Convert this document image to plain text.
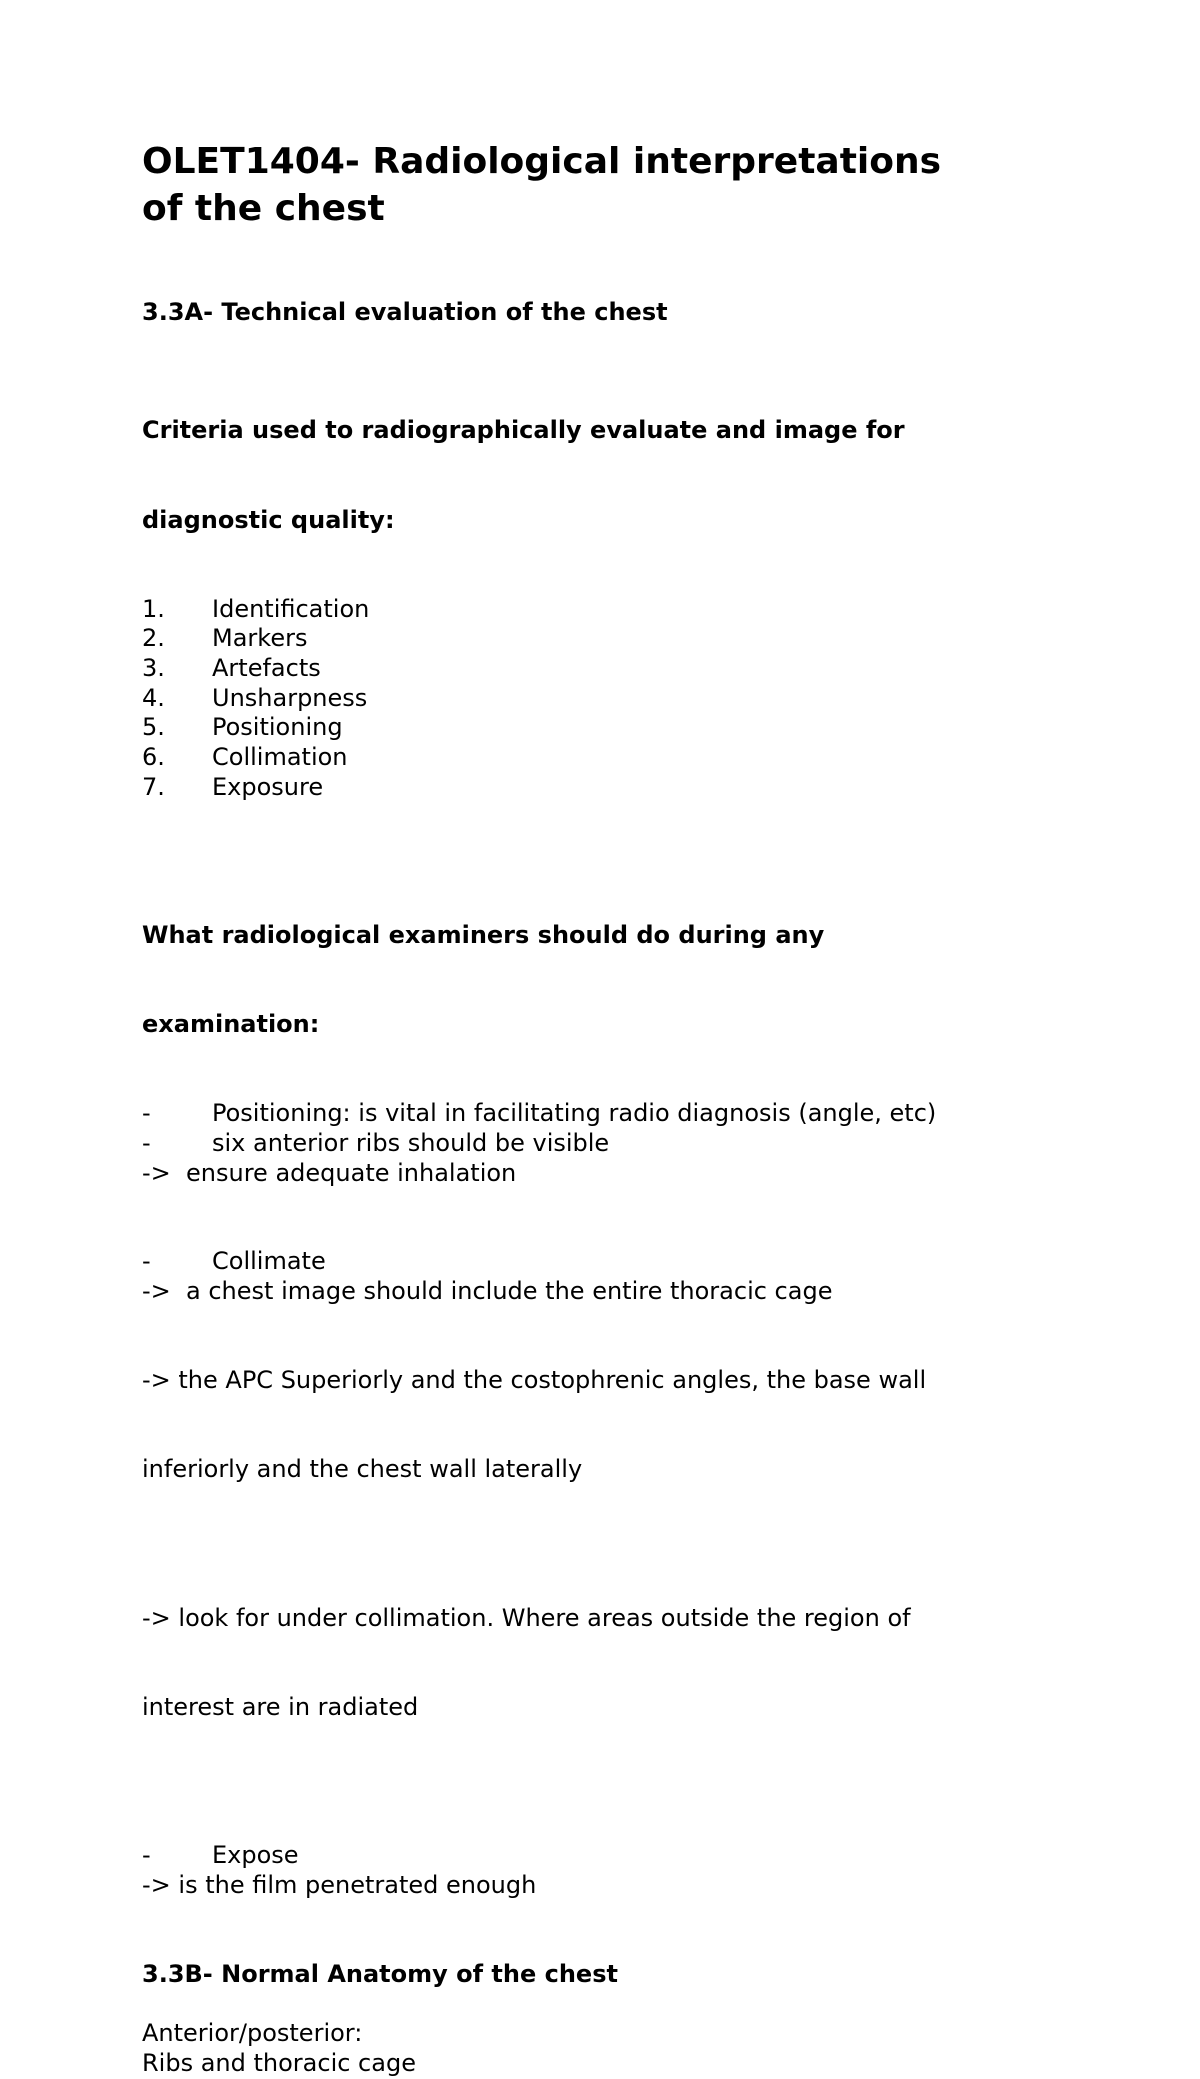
OLET1404- Radiological interpretations
of the chest
3.3A- Technical evaluation of the chest

Criteria used to radiographically evaluate and image for

diagnostic quality:

1.	Identification
2.	Markers
3.	Artefacts
4.	Unsharpness
5.	Positioning
6.	Collimation
7.	Exposure

What radiological examiners should do during any

examination:

-	Positioning: is vital in facilitating radio diagnosis (angle, etc)
-	six anterior ribs should be visible
->  ensure adequate inhalation
-	Collimate
->  a chest image should include the entire thoracic cage

-> the APC Superiorly and the costophrenic angles, the base wall

inferiorly and the chest wall laterally

-> look for under collimation. Where areas outside the region of

interest are in radiated

-	Expose
-> is the film penetrated enough
3.3B- Normal Anatomy of the chest
Anterior/posterior:
Ribs and thoracic cage
